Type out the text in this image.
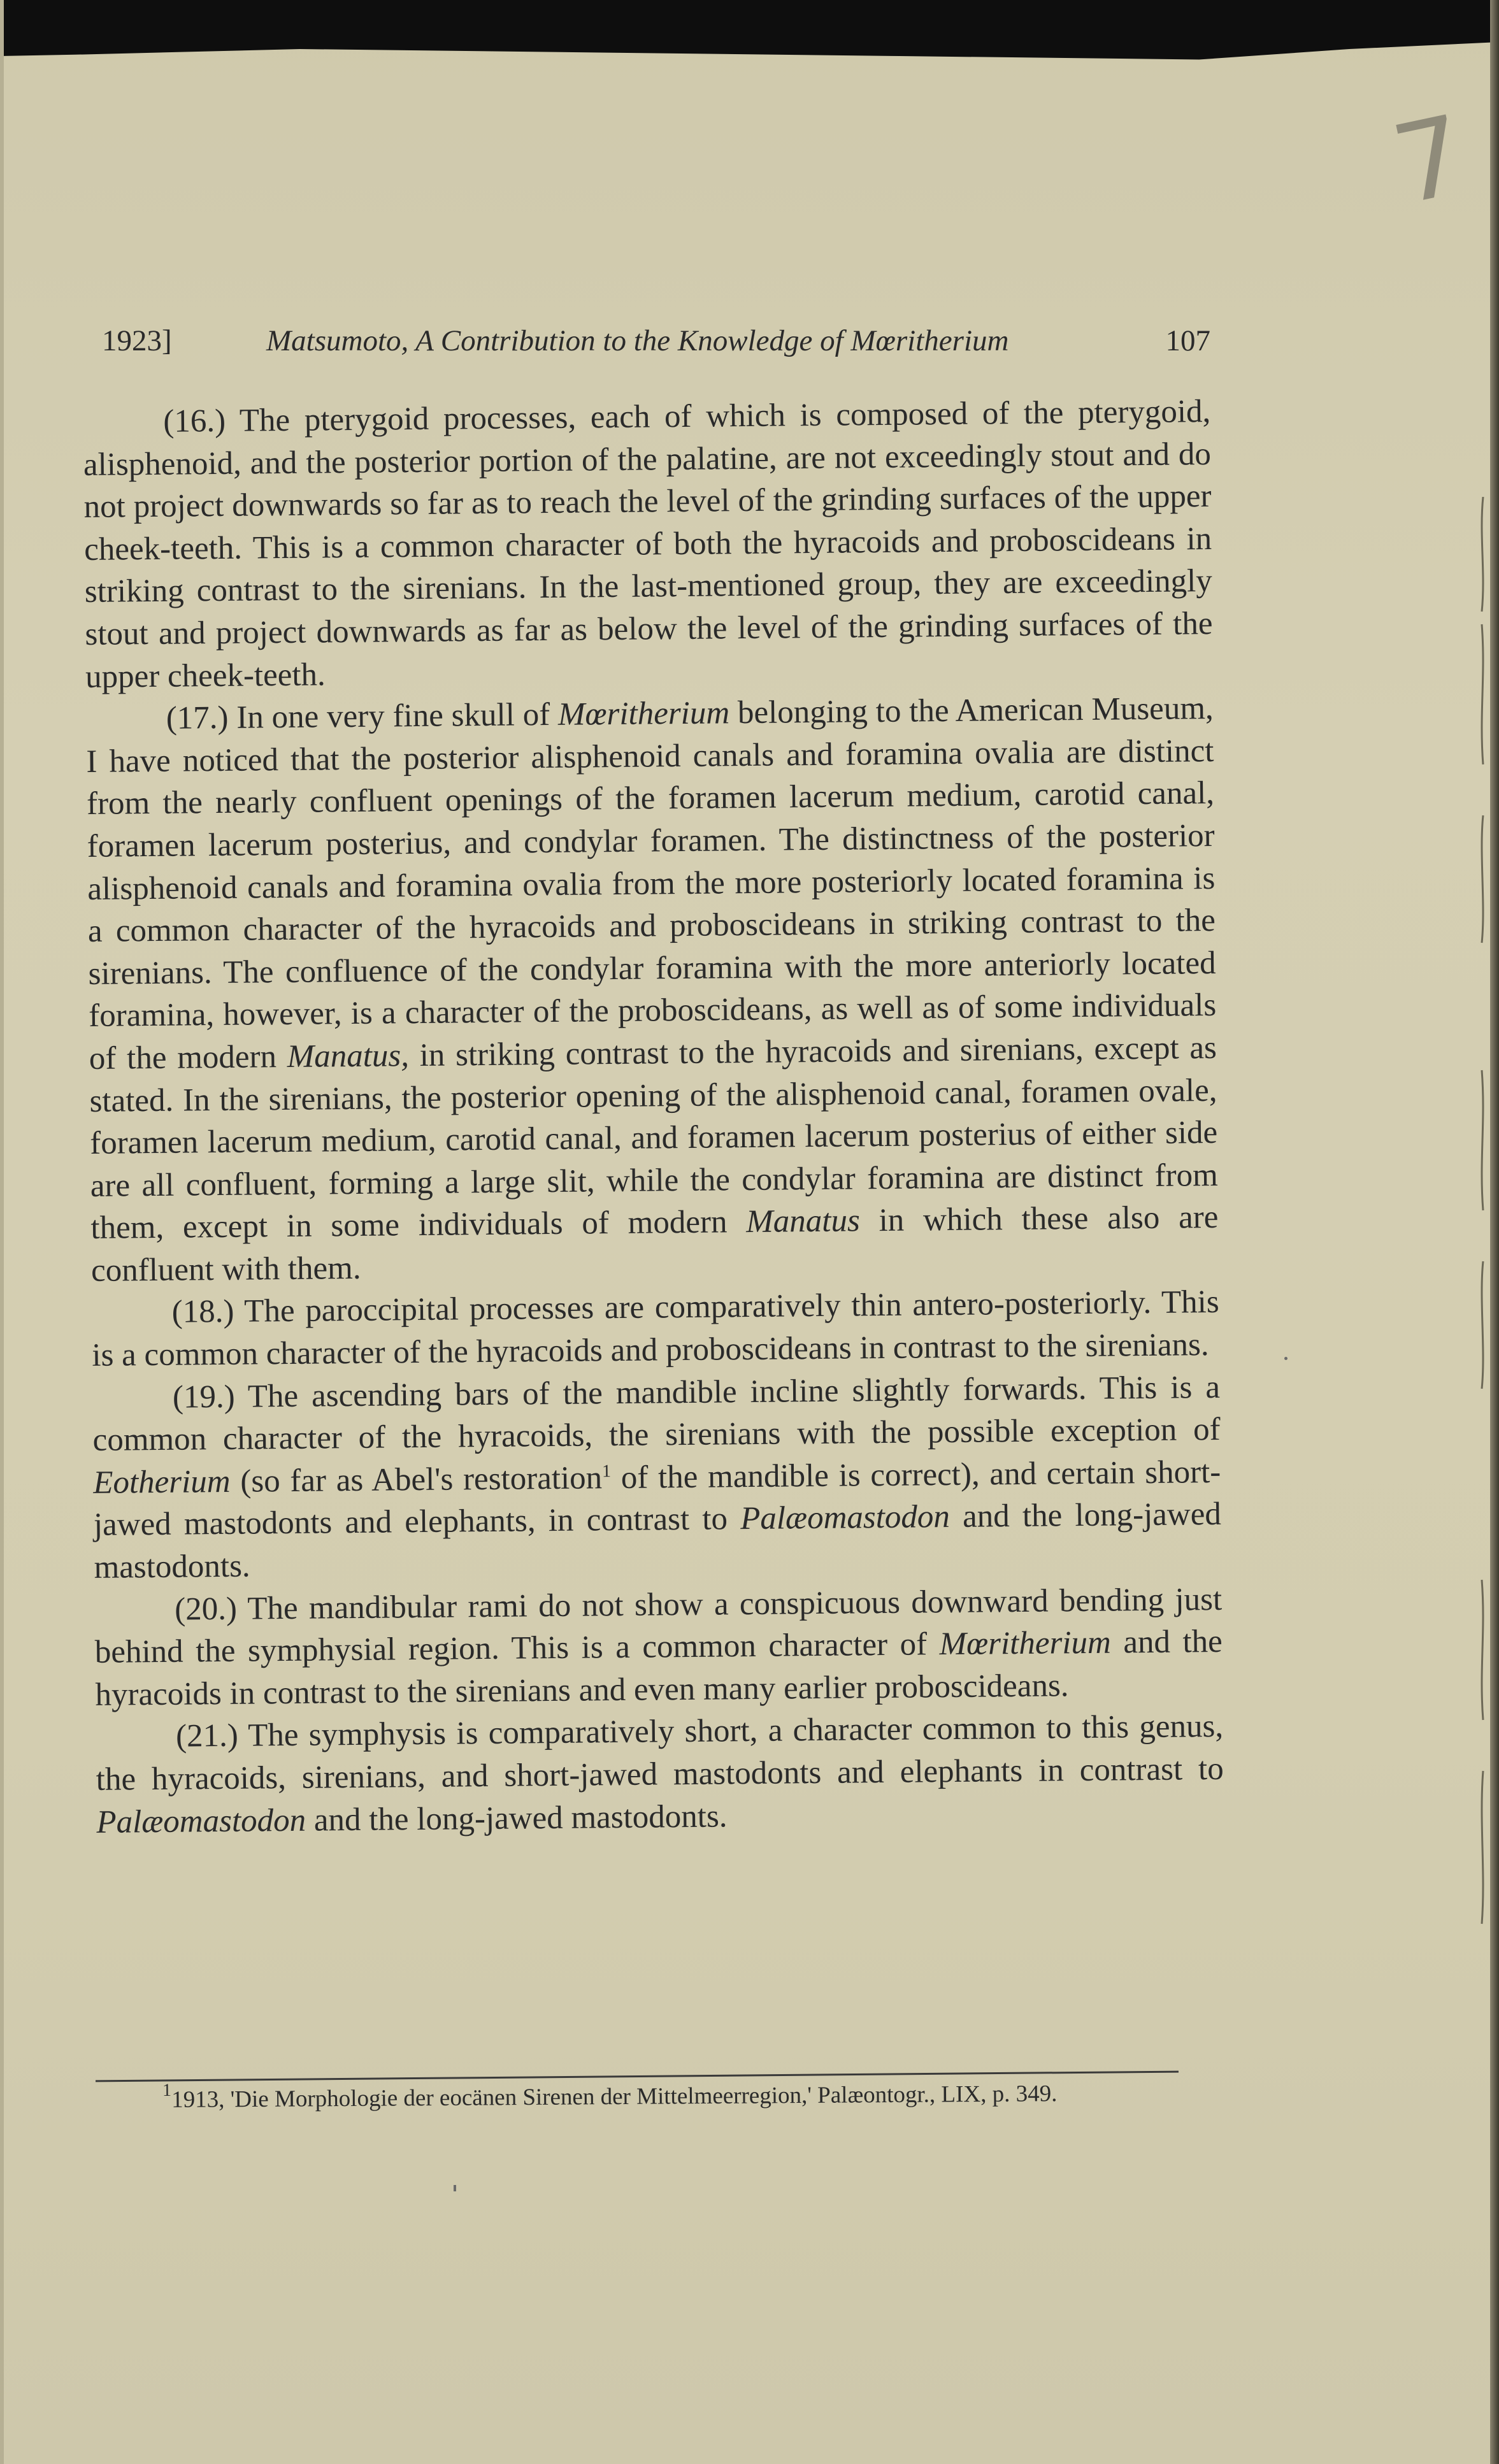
7
1923]	Matsumoto, A Contribution to the Knowledge of Mœritherium	107

(16.) The pterygoid processes, each of which is composed of the pterygoid, alisphenoid, and the posterior portion of the palatine, are not exceedingly stout and do not project downwards so far as to reach the level of the grinding surfaces of the upper cheek-teeth. This is a common character of both the hyracoids and proboscideans in striking contrast to the sirenians. In the last-mentioned group, they are exceedingly stout and project downwards as far as below the level of the grinding surfaces of the upper cheek-teeth.

(17.) In one very fine skull of Mœritherium belonging to the American Museum, I have noticed that the posterior alisphenoid canals and foramina ovalia are distinct from the nearly confluent openings of the foramen lacerum medium, carotid canal, foramen lacerum posterius, and condylar foramen. The distinctness of the posterior alisphenoid canals and foramina ovalia from the more posteriorly located foramina is a common character of the hyracoids and proboscideans in striking contrast to the sirenians. The confluence of the condylar foramina with the more anteriorly located foramina, however, is a character of the proboscideans, as well as of some individuals of the modern Manatus, in striking contrast to the hyracoids and sirenians, except as stated. In the sirenians, the posterior opening of the alisphenoid canal, foramen ovale, foramen lacerum medium, carotid canal, and foramen lacerum posterius of either side are all confluent, forming a large slit, while the condylar foramina are distinct from them, except in some individuals of modern Manatus in which these also are confluent with them.

(18.) The paroccipital processes are comparatively thin antero-posteriorly. This is a common character of the hyracoids and proboscideans in contrast to the sirenians.

(19.) The ascending bars of the mandible incline slightly forwards. This is a common character of the hyracoids, the sirenians with the possible exception of Eotherium (so far as Abel's restoration$^1$ of the mandible is correct), and certain short-jawed mastodonts and elephants, in contrast to Palæomastodon and the long-jawed mastodonts.

(20.) The mandibular rami do not show a conspicuous downward bending just behind the symphysial region. This is a common character of Mœritherium and the hyracoids in contrast to the sirenians and even many earlier proboscideans.

(21.) The symphysis is comparatively short, a character common to this genus, the hyracoids, sirenians, and short-jawed mastodonts and elephants in contrast to Palæomastodon and the long-jawed mastodonts.

$^1$1913, 'Die Morphologie der eocänen Sirenen der Mittelmeerregion,' Palæontogr., LIX, p. 349.
